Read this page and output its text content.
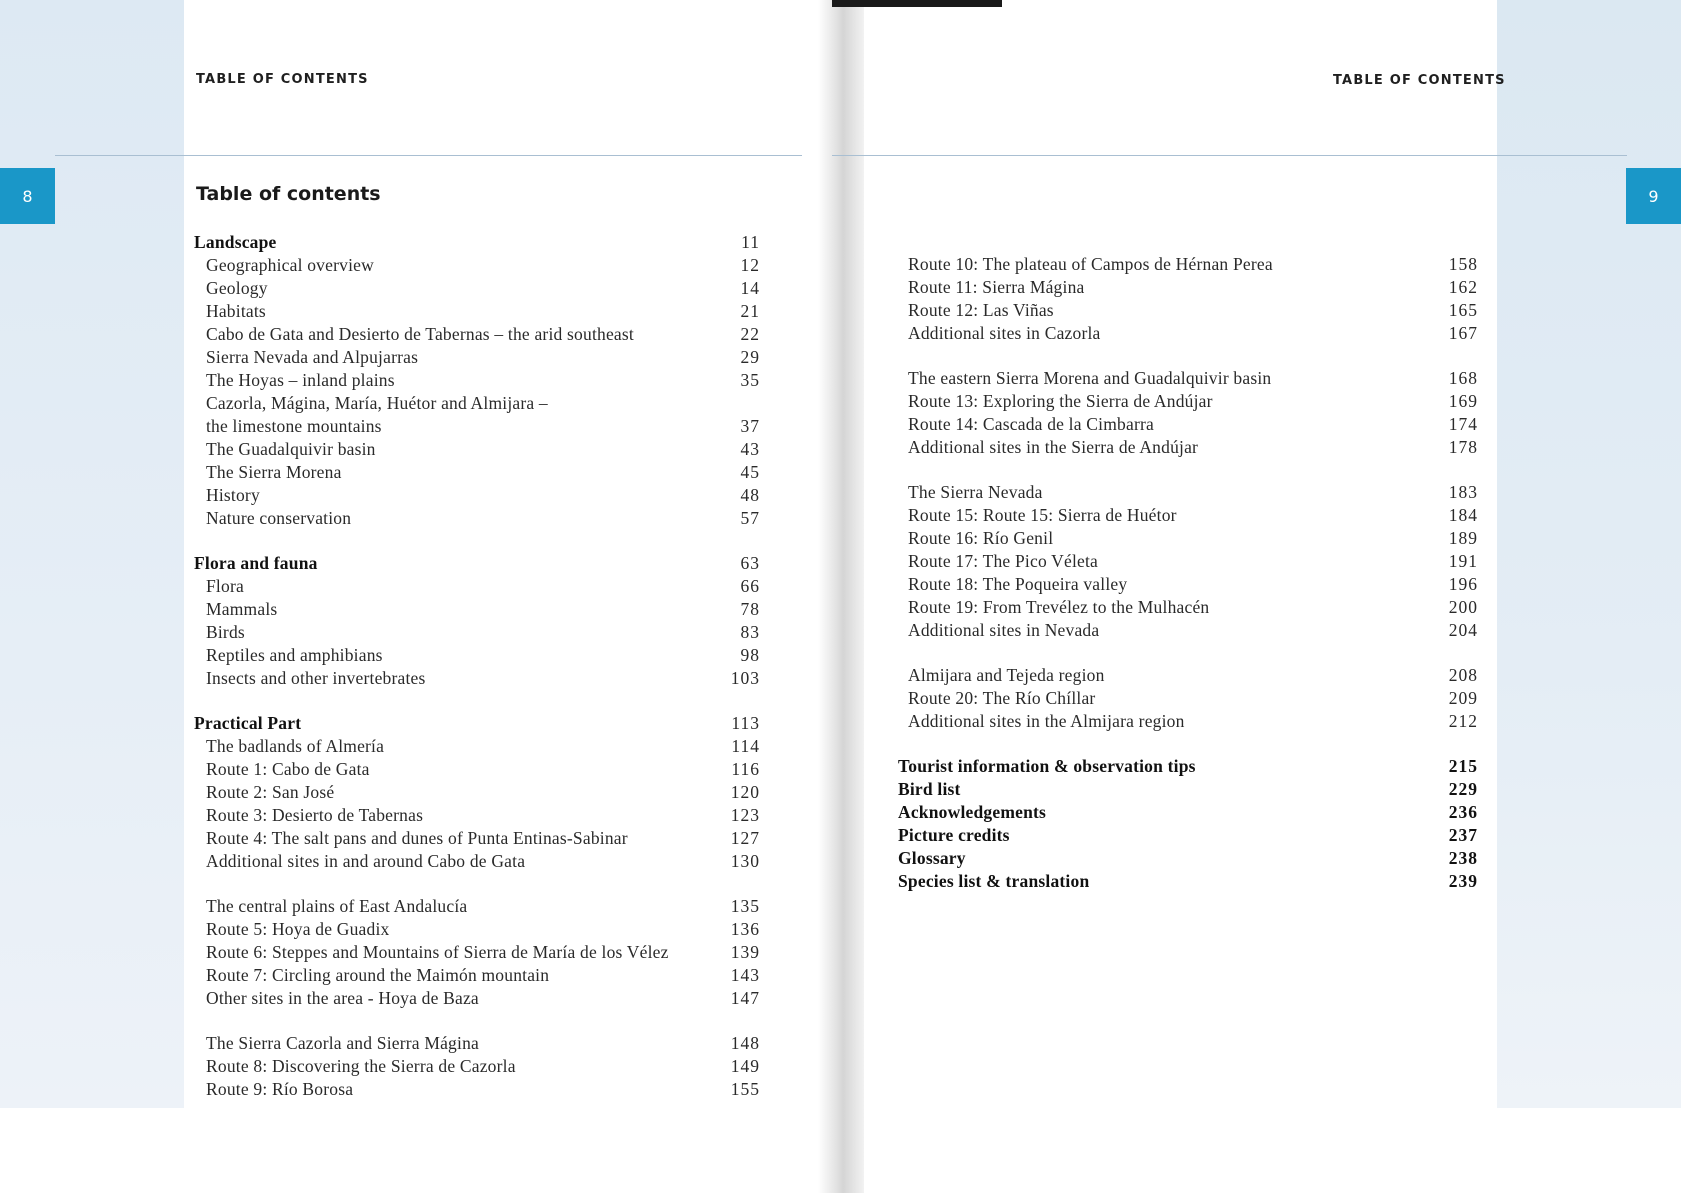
8	9
TABLE OF CONTENTS	TABLE OF CONTENTS
Table of contents
Landscape	11
Geographical overview	12
Geology	14
Habitats	21
Cabo de Gata and Desierto de Tabernas – the arid southeast	22
Sierra Nevada and Alpujarras	29
The Hoyas – inland plains	35
Cazorla, Mágina, María, Huétor and Almijara –
the limestone mountains	37
The Guadalquivir basin	43
The Sierra Morena	45
History	48
Nature conservation	57
Flora and fauna	63
Flora	66
Mammals	78
Birds	83
Reptiles and amphibians	98
Insects and other invertebrates	103
Practical Part	113
The badlands of Almería	114
Route 1: Cabo de Gata	116
Route 2: San José	120
Route 3: Desierto de Tabernas	123
Route 4: The salt pans and dunes of Punta Entinas-Sabinar	127
Additional sites in and around Cabo de Gata	130
The central plains of East Andalucía	135
Route 5: Hoya de Guadix	136
Route 6: Steppes and Mountains of Sierra de María de los Vélez	139
Route 7: Circling around the Maimón mountain	143
Other sites in the area - Hoya de Baza	147
The Sierra Cazorla and Sierra Mágina	148
Route 8: Discovering the Sierra de Cazorla	149
Route 9: Río Borosa	155
Route 10: The plateau of Campos de Hérnan Perea	158
Route 11: Sierra Mágina	162
Route 12: Las Viñas	165
Additional sites in Cazorla	167
The eastern Sierra Morena and Guadalquivir basin	168
Route 13: Exploring the Sierra de Andújar	169
Route 14: Cascada de la Cimbarra	174
Additional sites in the Sierra de Andújar	178
The Sierra Nevada	183
Route 15: Route 15: Sierra de Huétor	184
Route 16: Río Genil	189
Route 17: The Pico Véleta	191
Route 18: The Poqueira valley	196
Route 19: From Trevélez to the Mulhacén	200
Additional sites in Nevada	204
Almijara and Tejeda region	208
Route 20: The Río Chíllar	209
Additional sites in the Almijara region	212
Tourist information & observation tips	215
Bird list	229
Acknowledgements	236
Picture credits	237
Glossary	238
Species list & translation	239
